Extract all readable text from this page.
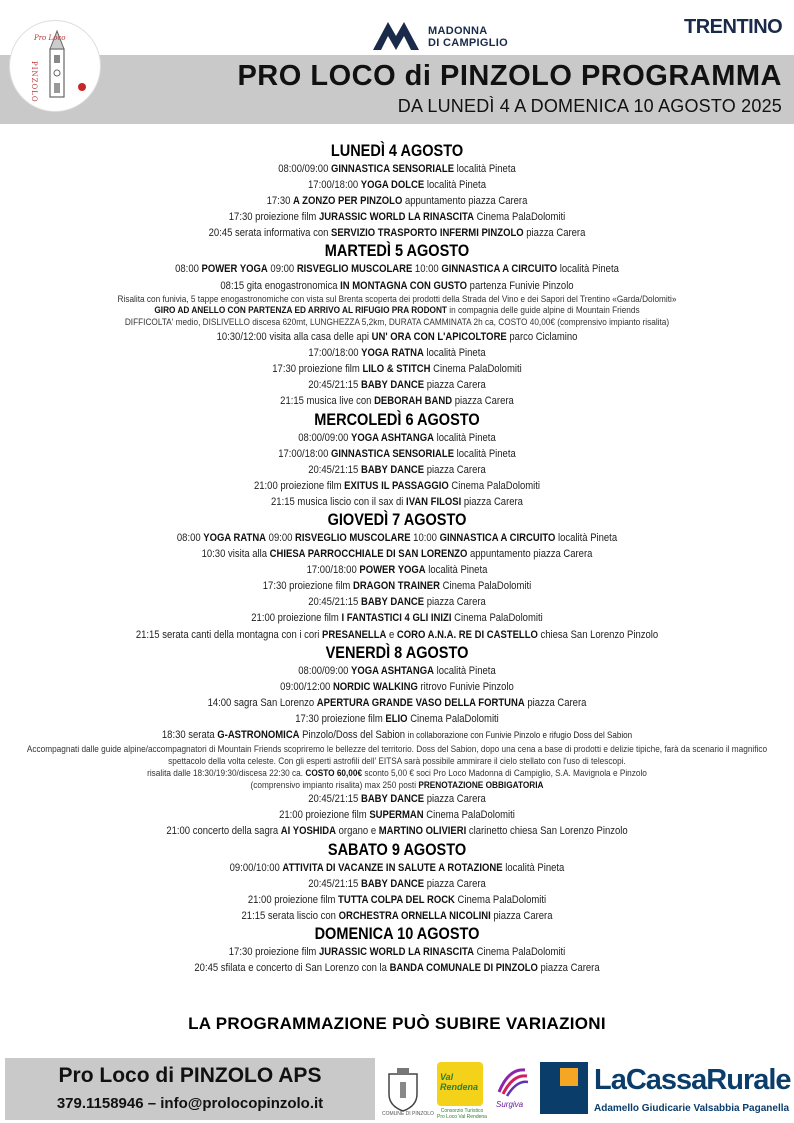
Pro Loco
PINZOLO
MADONNA
DI CAMPIGLIO
TRENTINO
PRO LOCO di PINZOLO PROGRAMMA
DA LUNEDÌ 4 A DOMENICA 10 AGOSTO 2025
LUNEDÌ 4 AGOSTO
08:00/09:00 GINNASTICA SENSORIALE località Pineta
17:00/18:00 YOGA DOLCE località Pineta
17:30 A ZONZO PER PINZOLO appuntamento piazza Carera
17:30 proiezione film JURASSIC WORLD LA RINASCITA Cinema PalaDolomiti
20:45 serata informativa con SERVIZIO TRASPORTO INFERMI PINZOLO piazza Carera
MARTEDÌ 5 AGOSTO
08:00 POWER YOGA 09:00 RISVEGLIO MUSCOLARE 10:00 GINNASTICA A CIRCUITO località Pineta
08:15 gita enogastronomica IN MONTAGNA CON GUSTO partenza Funivie Pinzolo
Risalita con funivia, 5 tappe enogastronomiche con vista sul Brenta scoperta dei prodotti della Strada del Vino e dei Sapori del Trentino «Garda/Dolomiti»
GIRO AD ANELLO CON PARTENZA ED ARRIVO AL RIFUGIO PRA RODONT in compagnia delle guide alpine di Mountain Friends
DIFFICOLTA' medio, DISLIVELLO discesa 620mt, LUNGHEZZA 5,2km, DURATA CAMMINATA 2h ca, COSTO 40,00€ (comprensivo impianto risalita)
10:30/12:00 visita alla casa delle api UN' ORA CON L'APICOLTORE parco Ciclamino
17:00/18:00 YOGA RATNA località Pineta
17:30 proiezione film LILO & STITCH Cinema PalaDolomiti
20:45/21:15 BABY DANCE piazza Carera
21:15 musica live con DEBORAH BAND piazza Carera
MERCOLEDÌ 6 AGOSTO
08:00/09:00 YOGA ASHTANGA località Pineta
17:00/18:00 GINNASTICA SENSORIALE località Pineta
20:45/21:15 BABY DANCE piazza Carera
21:00 proiezione film EXITUS IL PASSAGGIO Cinema PalaDolomiti
21:15 musica liscio con il sax di IVAN FILOSI piazza Carera
GIOVEDÌ 7 AGOSTO
08:00 YOGA RATNA 09:00 RISVEGLIO MUSCOLARE 10:00 GINNASTICA A CIRCUITO località Pineta
10:30 visita alla CHIESA PARROCCHIALE DI SAN LORENZO appuntamento piazza Carera
17:00/18:00 POWER YOGA località Pineta
17:30 proiezione film DRAGON TRAINER Cinema PalaDolomiti
20:45/21:15 BABY DANCE piazza Carera
21:00 proiezione film I FANTASTICI 4 GLI INIZI Cinema PalaDolomiti
21:15 serata canti della montagna con i cori PRESANELLA e CORO A.N.A. RE DI CASTELLO chiesa San Lorenzo Pinzolo
VENERDÌ 8 AGOSTO
08:00/09:00 YOGA ASHTANGA località Pineta
09:00/12:00 NORDIC WALKING ritrovo Funivie Pinzolo
14:00 sagra San Lorenzo APERTURA GRANDE VASO DELLA FORTUNA piazza Carera
17:30 proiezione film ELIO Cinema PalaDolomiti
18:30 serata G-ASTRONOMICA Pinzolo/Doss del Sabion in collaborazione con Funivie Pinzolo e rifugio Doss del Sabion
Accompagnati dalle guide alpine/accompagnatori di Mountain Friends scopriremo le bellezze del territorio. Doss del Sabion, dopo una cena a base di prodotti e delizie tipiche, farà da scenario il magnifico spettacolo della volta celeste. Con gli esperti astrofili dell' EITSA sarà possibile ammirare il cielo stellato con l'uso di telescopi.
risalita dalle 18:30/19:30/discesa 22:30 ca. COSTO 60,00€ sconto 5,00 € soci Pro Loco Madonna di Campiglio, S.A. Mavignola e Pinzolo
(comprensivo impianto risalita) max 250 posti PRENOTAZIONE OBBIGATORIA
20:45/21:15 BABY DANCE piazza Carera
21:00 proiezione film SUPERMAN Cinema PalaDolomiti
21:00 concerto della sagra AI YOSHIDA organo e MARTINO OLIVIERI clarinetto chiesa San Lorenzo Pinzolo
SABATO 9 AGOSTO
09:00/10:00 ATTIVITA DI VACANZE IN SALUTE A ROTAZIONE località Pineta
20:45/21:15 BABY DANCE piazza Carera
21:00 proiezione film TUTTA COLPA DEL ROCK Cinema PalaDolomiti
21:15 serata liscio con ORCHESTRA ORNELLA NICOLINI piazza Carera
DOMENICA 10 AGOSTO
17:30 proiezione film JURASSIC WORLD LA RINASCITA Cinema PalaDolomiti
20:45 sfilata e concerto di San Lorenzo con la BANDA COMUNALE DI PINZOLO piazza Carera
LA PROGRAMMAZIONE PUÒ SUBIRE VARIAZIONI
Pro Loco di PINZOLO APS
379.1158946 – info@prolocopinzolo.it
COMUNE DI PINZOLO
Val
Rendena
Consorzio Turistico
Pro Loco Val Rendena
Surgiva
LaCassaRurale
Adamello Giudicarie Valsabbia Paganella
